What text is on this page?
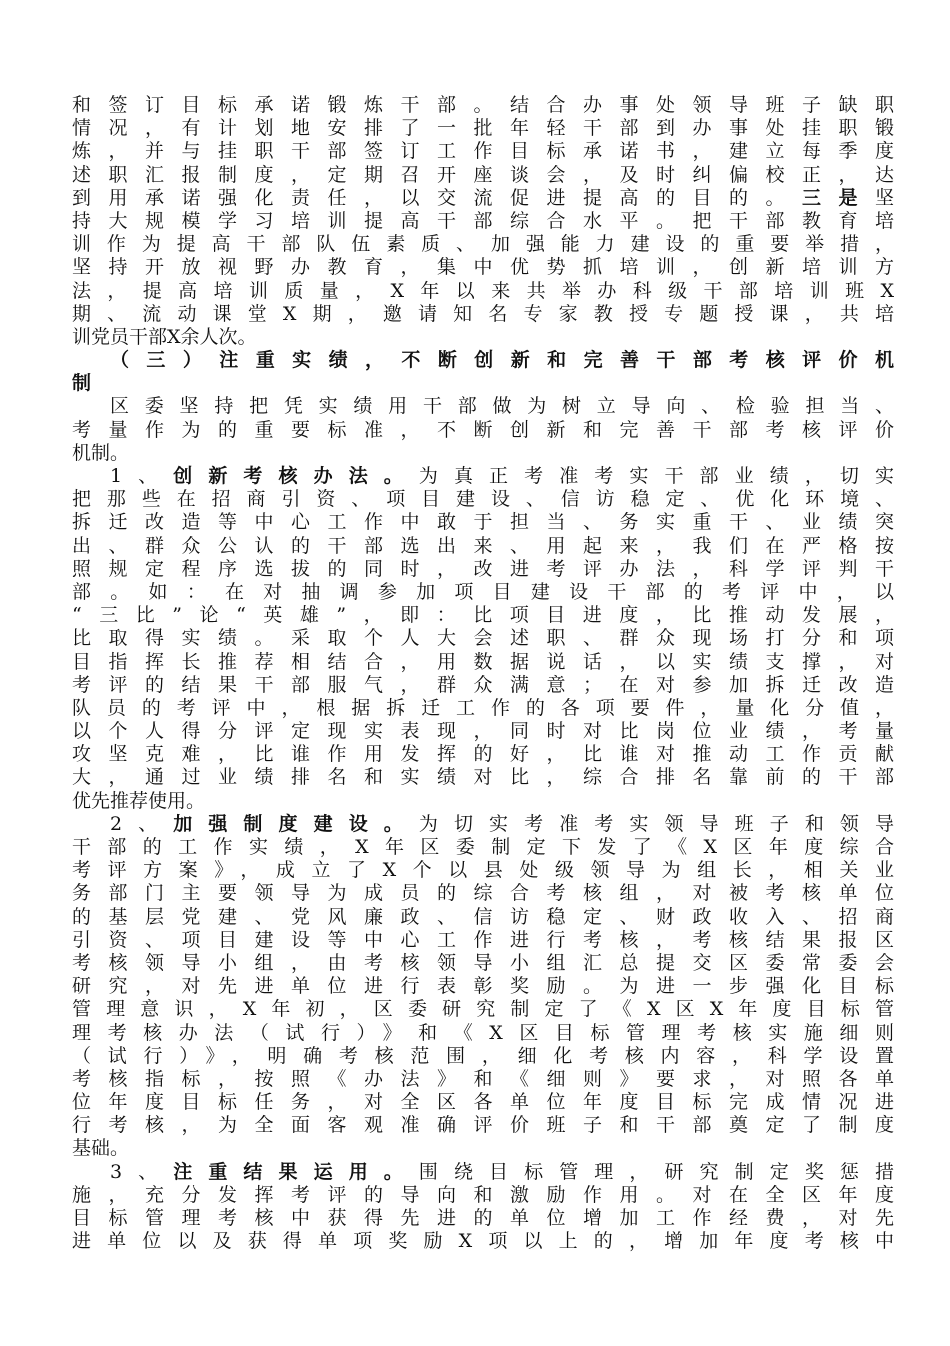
和签订目标承诺锻炼干部。结合办事处领导班子缺职
情况，有计划地安排了一批年轻干部到办事处挂职锻
炼，并与挂职干部签订工作目标承诺书，建立每季度
述职汇报制度，定期召开座谈会，及时纠偏校正，达
到用承诺强化责任，以交流促进提高的目的。三是坚
持大规模学习培训提高干部综合水平。把干部教育培
训作为提高干部队伍素质、加强能力建设的重要举措，
坚持开放视野办教育，集中优势抓培训，创新培训方
法，提高培训质量，X年以来共举办科级干部培训班X
期、流动课堂X期，邀请知名专家教授专题授课，共培
训党员干部X余人次。
（三）注重实绩，不断创新和完善干部考核评价机
制
区委坚持把凭实绩用干部做为树立导向、检验担当、
考量作为的重要标准，不断创新和完善干部考核评价
机制。
1、创新考核办法。为真正考准考实干部业绩，切实
把那些在招商引资、项目建设、信访稳定、优化环境、
拆迁改造等中心工作中敢于担当、务实重干、业绩突
出、群众公认的干部选出来、用起来，我们在严格按
照规定程序选拔的同时，改进考评办法，科学评判干
部。如：在对抽调参加项目建设干部的考评中，以
“三比”论“英雄”，即：比项目进度，比推动发展，
比取得实绩。采取个人大会述职、群众现场打分和项
目指挥长推荐相结合，用数据说话，以实绩支撑，对
考评的结果干部服气，群众满意；在对参加拆迁改造
队员的考评中，根据拆迁工作的各项要件，量化分值，
以个人得分评定现实表现，同时对比岗位业绩，考量
攻坚克难，比谁作用发挥的好，比谁对推动工作贡献
大，通过业绩排名和实绩对比，综合排名靠前的干部
优先推荐使用。
2、加强制度建设。为切实考准考实领导班子和领导
干部的工作实绩，X年区委制定下发了《X区年度综合
考评方案》，成立了X个以县处级领导为组长，相关业
务部门主要领导为成员的综合考核组，对被考核单位
的基层党建、党风廉政、信访稳定、财政收入、招商
引资、项目建设等中心工作进行考核，考核结果报区
考核领导小组，由考核领导小组汇总提交区委常委会
研究，对先进单位进行表彰奖励。为进一步强化目标
管理意识，X年初，区委研究制定了《X区X年度目标管
理考核办法（试行）》和《X区目标管理考核实施细则
（试行）》，明确考核范围，细化考核内容，科学设置
考核指标，按照《办法》和《细则》要求，对照各单
位年度目标任务，对全区各单位年度目标完成情况进
行考核，为全面客观准确评价班子和干部奠定了制度
基础。
3、注重结果运用。围绕目标管理，研究制定奖惩措
施，充分发挥考评的导向和激励作用。对在全区年度
目标管理考核中获得先进的单位增加工作经费，对先
进单位以及获得单项奖励X项以上的，增加年度考核中
